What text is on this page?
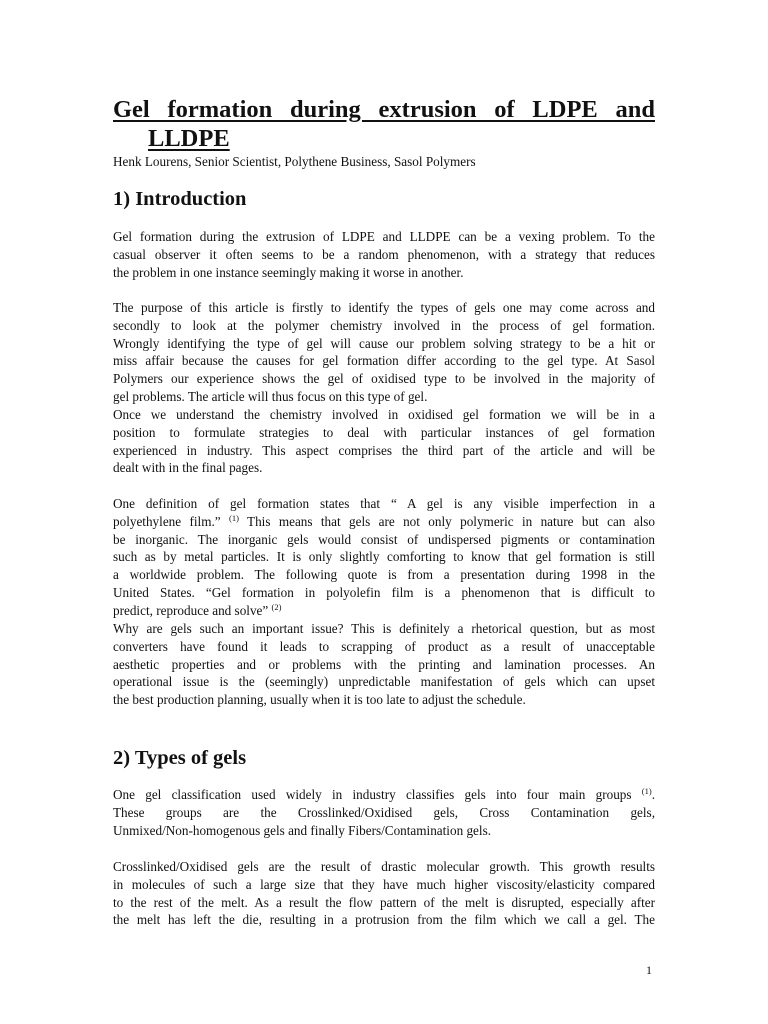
Gel formation during extrusion of LDPE and
LLDPE

Henk Lourens, Senior Scientist, Polythene Business, Sasol Polymers

1) Introduction
Gel formation during the extrusion of LDPE and LLDPE can be a vexing problem. To the
casual observer it often seems to be a random phenomenon, with a strategy that reduces
the problem in one instance seemingly making it worse in another.
The purpose of this article is firstly to identify the types of gels one may come across and
secondly to look at the polymer chemistry involved in the process of gel formation.
Wrongly identifying the type of gel will cause our problem solving strategy to be a hit or
miss affair because the causes for gel formation differ according to the gel type. At Sasol
Polymers our experience shows the gel of oxidised type to be involved in the majority of
gel problems. The article will thus focus on this type of gel.
Once we understand the chemistry involved in oxidised gel formation we will be in a
position to formulate strategies to deal with particular instances of gel formation
experienced in industry. This aspect comprises the third part of the article and will be
dealt with in the final pages.
One definition of gel formation states that “ A gel is any visible imperfection in a
polyethylene film.” $^{(1)}$ This means that gels are not only polymeric in nature but can also
be inorganic. The inorganic gels would consist of undispersed pigments or contamination
such as by metal particles. It is only slightly comforting to know that gel formation is still
a worldwide problem. The following quote is from a presentation during 1998 in the
United States. “Gel formation in polyolefin film is a phenomenon that is difficult to
predict, reproduce and solve” $^{(2)}$
Why are gels such an important issue? This is definitely a rhetorical question, but as most
converters have found it leads to scrapping of product as a result of unacceptable
aesthetic properties and or problems with the printing and lamination processes. An
operational issue is the (seemingly) unpredictable manifestation of gels which can upset
the best production planning, usually when it is too late to adjust the schedule.
2) Types of gels
One gel classification used widely in industry classifies gels into four main groups $^{(1)}$.
These groups are the Crosslinked/Oxidised gels, Cross Contamination gels,
Unmixed/Non-homogenous gels and finally Fibers/Contamination gels.
Crosslinked/Oxidised gels are the result of drastic molecular growth. This growth results
in molecules of such a large size that they have much higher viscosity/elasticity compared
to the rest of the melt. As a result the flow pattern of the melt is disrupted, especially after
the melt has left the die, resulting in a protrusion from the film which we call a gel. The

1
